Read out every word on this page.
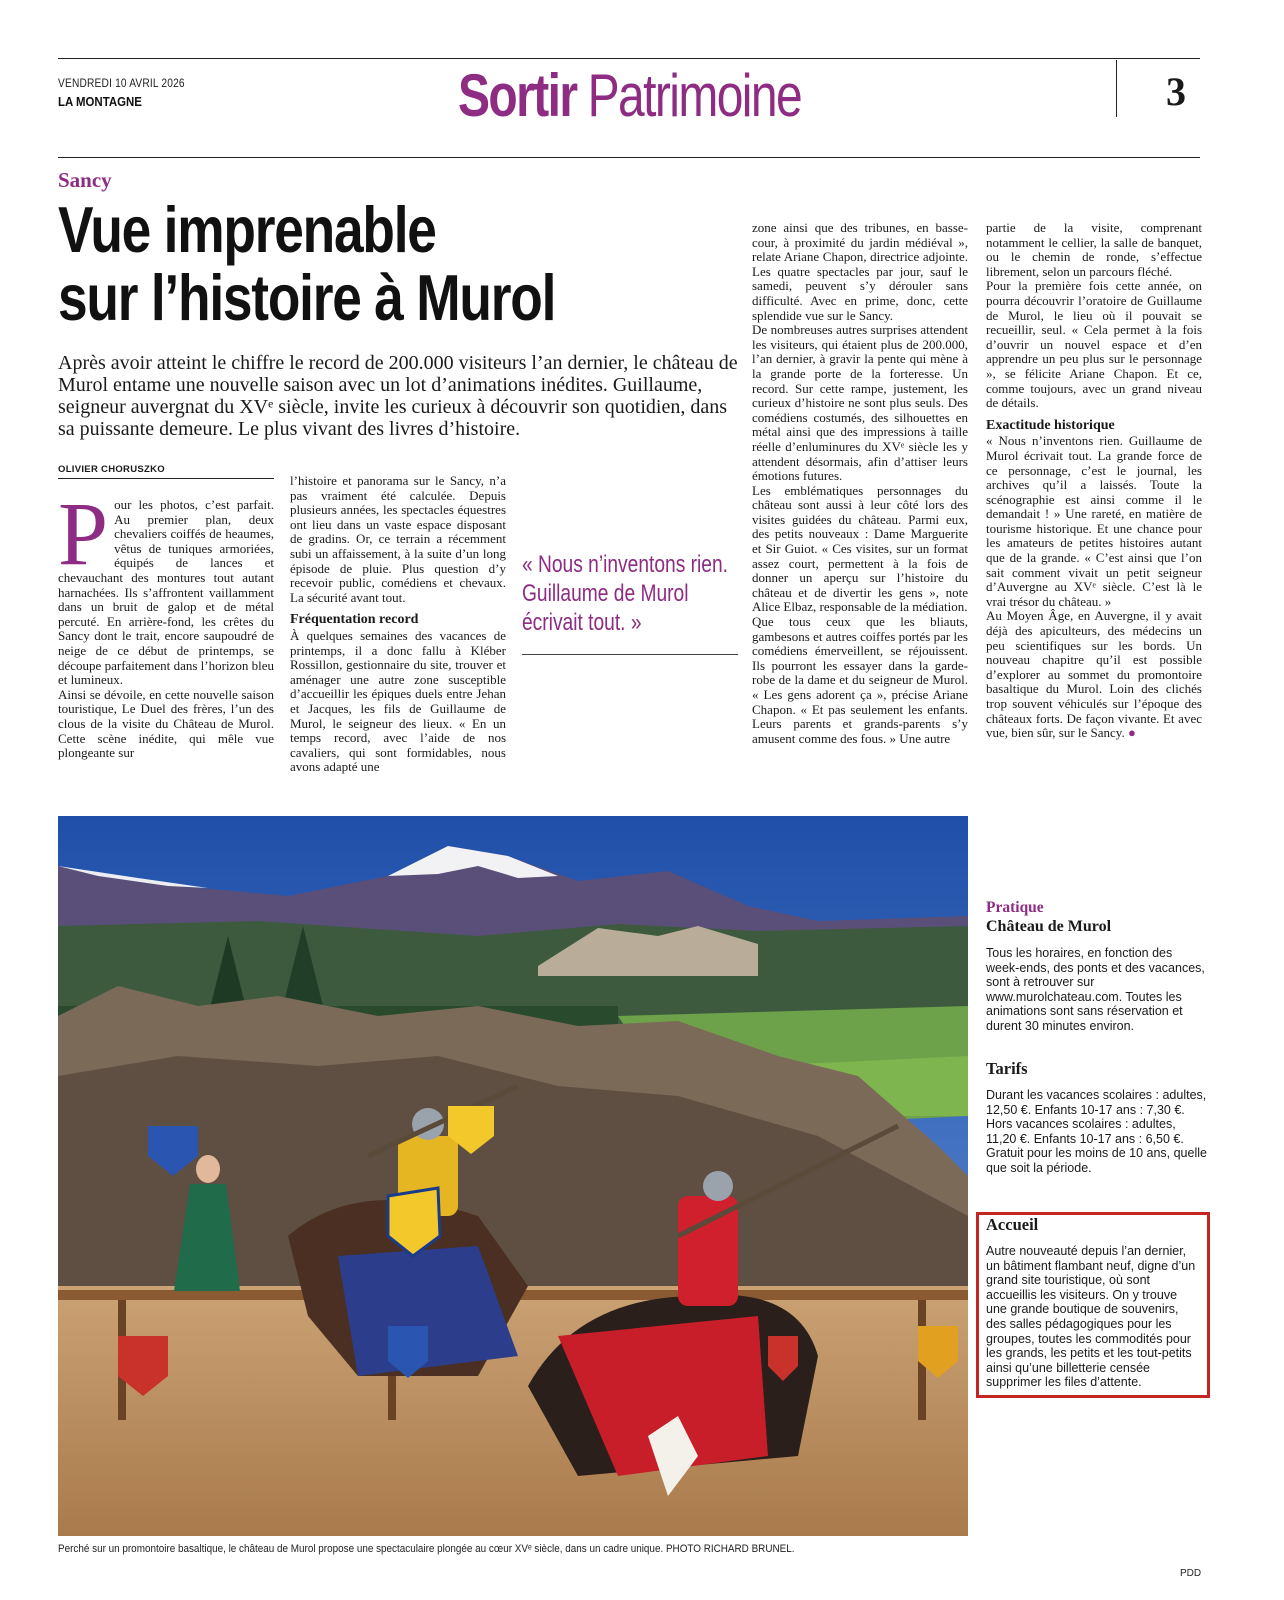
VENDREDI 10 AVRIL 2026
LA MONTAGNE	Sortir Patrimoine	3
Sancy
Vue imprenable
sur l’histoire à Murol
Après avoir atteint le chiffre le record de 200.000 visiteurs l’an dernier, le château de Murol entame une nouvelle saison avec un lot d’animations inédites. Guillaume, seigneur auvergnat du XVᵉ siècle, invite les curieux à découvrir son quotidien, dans sa puissante demeure. Le plus vivant des livres d’histoire.
OLIVIER CHORUSZKO
P our les photos, c’est parfait. Au premier plan, deux chevaliers coiffés de heaumes, vêtus de tuniques armoriées, équipés de lances et chevauchant des montures tout autant harnachées. Ils s’affrontent vaillamment dans un bruit de galop et de métal percuté. En arrière-fond, les crêtes du Sancy dont le trait, encore saupoudré de neige de ce début de printemps, se découpe parfaitement dans l’horizon bleu et lumineux.

Ainsi se dévoile, en cette nouvelle saison touristique, Le Duel des frères, l’un des clous de la visite du Château de Murol. Cette scène inédite, qui mêle vue plongeante sur

l’histoire et panorama sur le Sancy, n’a pas vraiment été calculée. Depuis plusieurs années, les spectacles équestres ont lieu dans un vaste espace disposant de gradins. Or, ce terrain a récemment subi un affaissement, à la suite d’un long épisode de pluie. Plus question d’y recevoir public, comédiens et chevaux. La sécurité avant tout.

Fréquentation record

À quelques semaines des vacances de printemps, il a donc fallu à Kléber Rossillon, gestionnaire du site, trouver et aménager une autre zone susceptible d’accueillir les épiques duels entre Jehan et Jacques, les fils de Guillaume de Murol, le seigneur des lieux. « En un temps record, avec l’aide de nos cavaliers, qui sont formidables, nous avons adapté une

« Nous n’inventons rien. Guillaume de Murol écrivait tout. »

zone ainsi que des tribunes, en basse-cour, à proximité du jardin médiéval », relate Ariane Chapon, directrice adjointe. Les quatre spectacles par jour, sauf le samedi, peuvent s’y dérouler sans difficulté. Avec en prime, donc, cette splendide vue sur le Sancy.

De nombreuses autres surprises attendent les visiteurs, qui étaient plus de 200.000, l’an dernier, à gravir la pente qui mène à la grande porte de la forteresse. Un record. Sur cette rampe, justement, les curieux d’histoire ne sont plus seuls. Des comédiens costumés, des silhouettes en métal ainsi que des impressions à taille réelle d’enluminures du XVᵉ siècle les y attendent désormais, afin d’attiser leurs émotions futures.

Les emblématiques personnages du château sont aussi à leur côté lors des visites guidées du château. Parmi eux, des petits nouveaux : Dame Marguerite et Sir Guiot. « Ces visites, sur un format assez court, permettent à la fois de donner un aperçu sur l’histoire du château et de divertir les gens », note Alice Elbaz, responsable de la médiation.

Que tous ceux que les bliauts, gambesons et autres coiffes portés par les comédiens émerveillent, se réjouissent. Ils pourront les essayer dans la garde-robe de la dame et du seigneur de Murol. « Les gens adorent ça », précise Ariane Chapon. « Et pas seulement les enfants. Leurs parents et grands-parents s’y amusent comme des fous. » Une autre

partie de la visite, comprenant notamment le cellier, la salle de banquet, ou le chemin de ronde, s’effectue librement, selon un parcours fléché.

Pour la première fois cette année, on pourra découvrir l’oratoire de Guillaume de Murol, le lieu où il pouvait se recueillir, seul. « Cela permet à la fois d’ouvrir un nouvel espace et d’en apprendre un peu plus sur le personnage », se félicite Ariane Chapon. Et ce, comme toujours, avec un grand niveau de détails.

Exactitude historique

« Nous n’inventons rien. Guillaume de Murol écrivait tout. La grande force de ce personnage, c’est le journal, les archives qu’il a laissés. Toute la scénographie est ainsi comme il le demandait ! » Une rareté, en matière de tourisme historique. Et une chance pour les amateurs de petites histoires autant que de la grande. « C’est ainsi que l’on sait comment vivait un petit seigneur d’Auvergne au XVᵉ siècle. C’est là le vrai trésor du château. »

Au Moyen Âge, en Auvergne, il y avait déjà des apiculteurs, des médecins un peu scientifiques sur les bords. Un nouveau chapitre qu’il est possible d’explorer au sommet du promontoire basaltique du Murol. Loin des clichés trop souvent véhiculés sur l’époque des châteaux forts. De façon vivante. Et avec vue, bien sûr, sur le Sancy. ●

Perché sur un promontoire basaltique, le château de Murol propose une spectaculaire plongée au cœur XVᵉ siècle, dans un cadre unique. PHOTO RICHARD BRUNEL.
Pratique
Château de Murol
Tous les horaires, en fonction des week-ends, des ponts et des vacances, sont à retrouver sur www.murolchateau.com. Toutes les animations sont sans réservation et durent 30 minutes environ.
Tarifs
Durant les vacances scolaires : adultes, 12,50 €. Enfants 10-17 ans : 7,30 €.
Hors vacances scolaires : adultes, 11,20 €. Enfants 10-17 ans : 6,50 €.
Gratuit pour les moins de 10 ans, quelle que soit la période.
Accueil
Autre nouveauté depuis l’an dernier, un bâtiment flambant neuf, digne d’un grand site touristique, où sont accueillis les visiteurs. On y trouve une grande boutique de souvenirs, des salles pédagogiques pour les groupes, toutes les commodités pour les grands, les petits et les tout-petits ainsi qu’une billetterie censée supprimer les files d’attente.
PDD
